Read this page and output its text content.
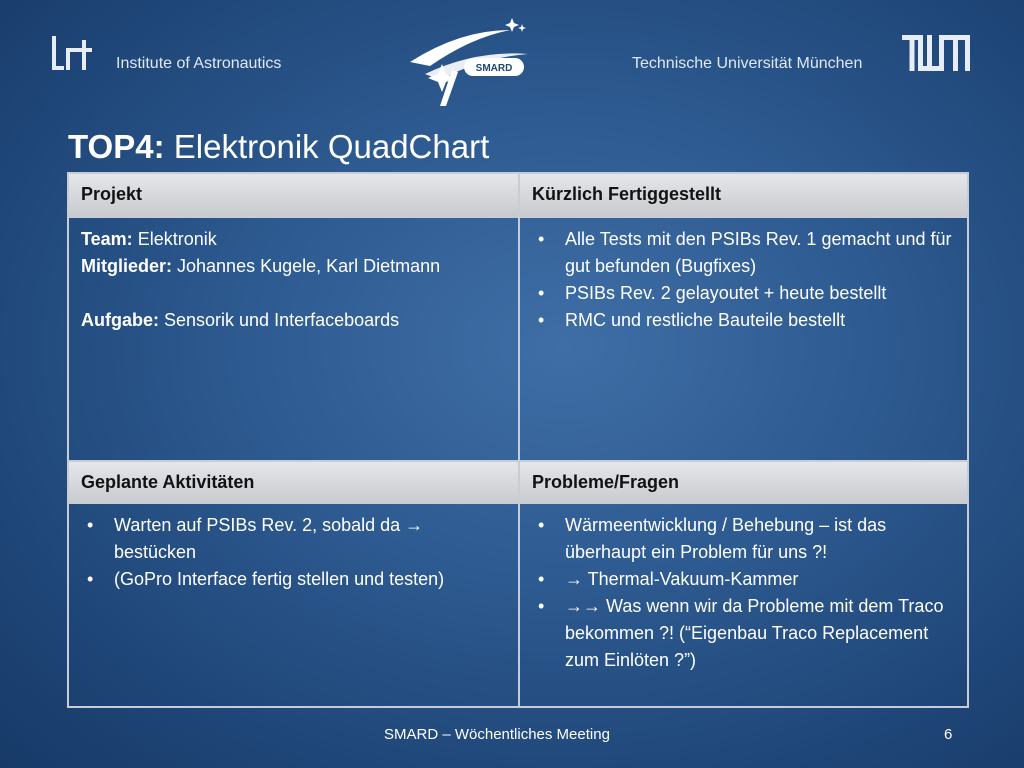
Institute of Astronautics	SMARD	Technische Universität München
TOP4: Elektronik QuadChart
Projekt
Team: Elektronik
Mitglieder: Johannes Kugele, Karl Dietmann
Aufgabe: Sensorik und Interfaceboards
Kürzlich Fertiggestellt
• Alle Tests mit den PSIBs Rev. 1 gemacht und für gut befunden (Bugfixes)
• PSIBs Rev. 2 gelayoutet + heute bestellt
• RMC und restliche Bauteile bestellt
Geplante Aktivitäten
• Warten auf PSIBs Rev. 2, sobald da → bestücken
• (GoPro Interface fertig stellen und testen)
Probleme/Fragen
• Wärmeentwicklung / Behebung – ist das überhaupt ein Problem für uns ?!
• → Thermal-Vakuum-Kammer
• →→ Was wenn wir da Probleme mit dem Traco bekommen ?! (“Eigenbau Traco Replacement zum Einlöten ?”)
SMARD – Wöchentliches Meeting	6
